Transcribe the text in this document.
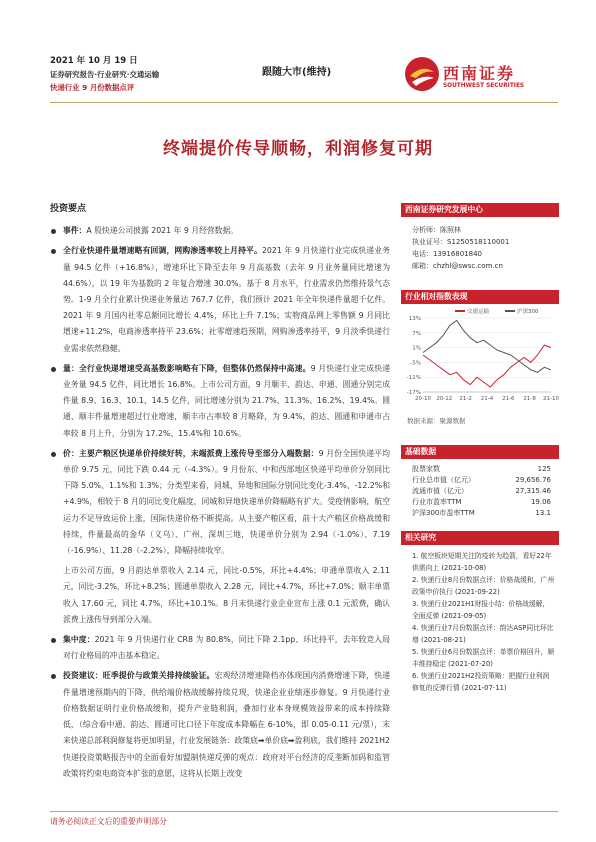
2021 年 10 月 19 日
证券研究报告·行业研究·交通运输
快递行业 9 月份数据点评
跟随大市(维持)	西南证券
SOUTHWEST SECURITIES
终端提价传导顺畅，利润修复可期
投资要点
事件：A 股快递公司披露 2021 年 9 月经营数据。
全行业快递件量增速略有回调，网购渗透率较上月持平。2021 年 9 月快递行业完成快递业务量 94.5 亿件（+16.8%），增速环比下降至去年 9 月高基数（去年 9 月业务量同比增速为 44.6%），以 19 年为基数的 2 年复合增速 30.0%。基于 8 月水平，行业需求仍然维持景气态势。1-9 月全行业累计快递业务量达 767.7 亿件，我们预计 2021 年全年快递件量超千亿件。2021 年 9 月国内社零总额同比增长 4.4%，环比上升 7.1%；实物商品网上零售额 9 月同比增速+11.2%，电商渗透率持平 23.6%；社零增速趋预期，网购渗透率持平，9 月淡季快递行业需求依然稳健。
量：全行业快递增速受高基数影响略有下降，但整体仍然保持中高速。9 月快递行业完成快递业务量 94.5 亿件，同比增长 16.8%。上市公司方面，9 月顺丰、韵达、申通、圆通分别完成件量 8.9、16.3、10.1、14.5 亿件，同比增速分别为 21.7%、11.3%、16.2%、19.4%。圆通、顺丰件量增速超过行业增速，顺丰市占率较 8 月略降，为 9.4%，韵达、圆通和申通市占率较 8 月上升，分别为 17.2%、15.4%和 10.6%。
价：主要产粮区快递单价持续好转，末端派费上涨传导至部分入端数据：9 月份全国快递平均单价 9.75 元，同比下跌 0.44 元（-4.3%）。9 月份东、中和西部地区快递平均单价分别同比下降 5.0%、1.1%和 1.3%；分类型来看，同城、异地和国际分别同比变化-3.4%、-12.2%和+4.9%，相较于 8 月的同比变化幅度，同城和异地快递单价降幅略有扩大。受疫情影响，航空运力不足导致运价上涨，国际快递价格不断提高。从主要产粮区看，前十大产粮区价格战缓和持续，件量最高的金华（义乌）、广州、深圳三地，快递单价分别为 2.94（-1.0%）、7.19（-16.9%）、11.28（-2.2%），降幅持续收窄。
上市公司方面，9 月韵达单票收入 2.14 元，同比-0.5%，环比+4.4%；申通单票收入 2.11 元，同比-3.2%，环比+8.2%；圆通单票收入 2.28 元，同比+4.7%，环比+7.0%；顺丰单票收入 17.60 元，同比 4.7%，环比+10.1%。8 月末快递行业企业宣布上涨 0.1 元派费，确认派费上涨传导到部分入端。
集中度：2021 年 9 月快递行业 CR8 为 80.8%，同比下降 2.1pp、环比持平，去年较竞入局对行业格局的冲击基本稳定。
投资建议：旺季提价与政策关排持续验证。宏观经济增速降档亦体现国内消费增速下降，快递件量增速预期内的下降，供给端价格战缓解持续兑现，快递企业业绩逐步修复。9 月快递行业价格数据证明行业价格战缓和，提升产业链利润，叠加行业本身规模效益带来的成本持续降低，（综合看中通、韵达、圆通可比口径下年度成本降幅在 6-10%，即 0.05-0.11 元/票），末来快递总部利润修复将更加明显，行业发展链条：政策底➡单价底➡盈利底，我们维持 2021H2 快递投资策略报告中的全面看好加盟制快递反弹的观点：政府对平台经济的反垄断加码和监管政策将约束电商资本扩张的意愿，这将从长期上改变
西南证券研究发展中心
分析师：陈照林
执业证号：S1250518110001
电话：13916801840
邮箱：chzhl@swsc.com.cn
行业相对指数表现
-17%
-11%
-5%
1%
7%
13%
20-10 20-12 21-2 21-4 21-6 21-8 21-10
交通运输	沪深300
数据来源：聚源数据
基础数据
股票家数	125
行业总市值（亿元）	29,656.76
流通市值（亿元）	27,315.46
行业市盈率TTM	19.06
沪深300市盈率TTM	13.1
相关研究
1. 航空板块短期关注防疫转为趋箭，看好22年供需向上 (2021-10-08)
2. 快递行业8月份数据点评：价格战缓和，广州政策申价执行 (2021-09-22)
3. 快递行业2021H1财报小结：价格战缓解，全面反弹 (2021-09-05)
4. 快递行业7月份数据点评：韵达ASP同比环比增 (2021-08-21)
5. 快递行业6月份数据点评：单票价格回升，顺丰维持稳定 (2021-07-20)
6. 快递行业2021H2投资策略：把握行业利润修复的反弹行情 (2021-07-11)
请务必阅读正文后的重要声明部分
